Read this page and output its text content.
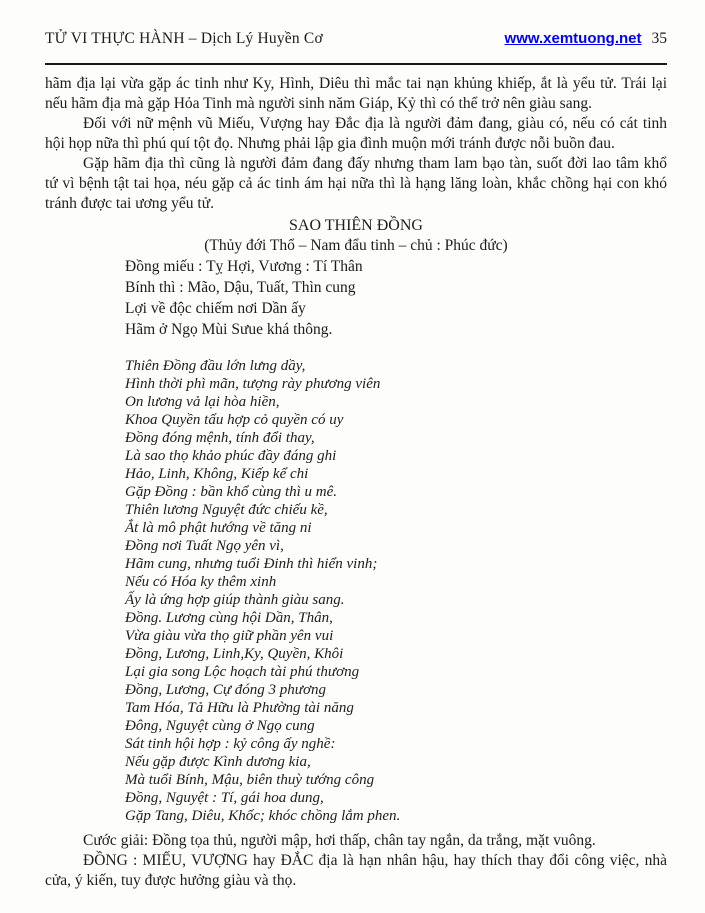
TỬ VI THỰC HÀNH – Dịch Lý Huyền Cơ	www.xemtuong.net 35

hãm địa lại vừa gặp ác tinh như Ky, Hình, Diêu thì mắc tai nạn khủng khiếp, ắt là yểu tử. Trái lại nếu hãm địa mà gặp Hỏa Tinh mà người sinh năm Giáp, Kỷ thì có thể trở nên giàu sang.

Đối với nữ mệnh vũ Miếu, Vượng hay Đắc địa là người đảm đang, giàu có, nếu có cát tinh hội họp nữa thì phú quí tột đọ. Nhưng phải lập gia đình muộn mới tránh được nỗi buồn đau.

Gặp hãm địa thì cũng là người đảm đang đấy nhưng tham lam bạo tàn, suốt đời lao tâm khổ tứ vì bệnh tật tai họa, néu gặp cả ác tinh ám hại nữa thì là hạng lăng loàn, khắc chồng hại con khó tránh được tai ương yểu tử.

SAO THIÊN ĐỒNG
(Thủy đới Thổ – Nam đẩu tinh – chủ : Phúc đức)
Đồng miếu : Tỵ Hợi, Vương : Tí Thân
Bính thì : Mão, Dậu, Tuất, Thìn cung
Lợi về độc chiếm nơi Dần ấy
Hãm ở Ngọ Mùi Sưue khá thông.
Thiên Đồng đầu lớn lưng dầy,
Hình thời phì mãn, tượng rày phương viên
On lương vả lại hòa hiền,
Khoa Quyền tấu hợp cỏ quyền có uy
Đồng đóng mệnh, tính đổi thay,
Là sao thọ khảo phúc đầy đáng ghi
Hảo, Linh, Không, Kiếp kể chi
Gặp Đồng : bần khổ cùng thì u mê.
Thiên lương Nguyệt đức chiếu kề,
Ắt là mô phật hướng về tăng ni
Đồng nơi Tuất Ngọ yên vì,
Hãm cung, nhưng tuổi Đinh thì hiển vinh;
Nếu có Hóa ky thêm xinh
Ấy là ứng hợp giúp thành giàu sang.
Đồng. Lương cùng hội Dần, Thân,
Vừa giàu vừa thọ giữ phần yên vui
Đồng, Lương, Linh,Ky, Quyền, Khôi
Lại gia song Lộc hoạch tài phú thương
Đồng, Lương, Cự đóng 3 phương
Tam Hóa, Tả Hữu là Phường tài năng
Đông, Nguyệt cùng ở Ngọ cung
Sát tinh hội hợp : kỷ công ấy nghề:
Nếu gặp được Kình dương kia,
Mà tuổi Bính, Mậu, biên thuỳ tướng công
Đồng, Nguyệt : Tí, gái hoa dung,
Gặp Tang, Diêu, Khốc; khóc chồng lắm phen.

Cước giải: Đồng tọa thủ, người mập, hơi thấp, chân tay ngắn, da trắng, mặt vuông.

ĐỒNG : MIẾU, VƯỢNG hay ĐẮC địa là hạn nhân hậu, hay thích thay đổi công việc, nhà cửa, ý kiến, tuy được hưởng giàu và thọ.
